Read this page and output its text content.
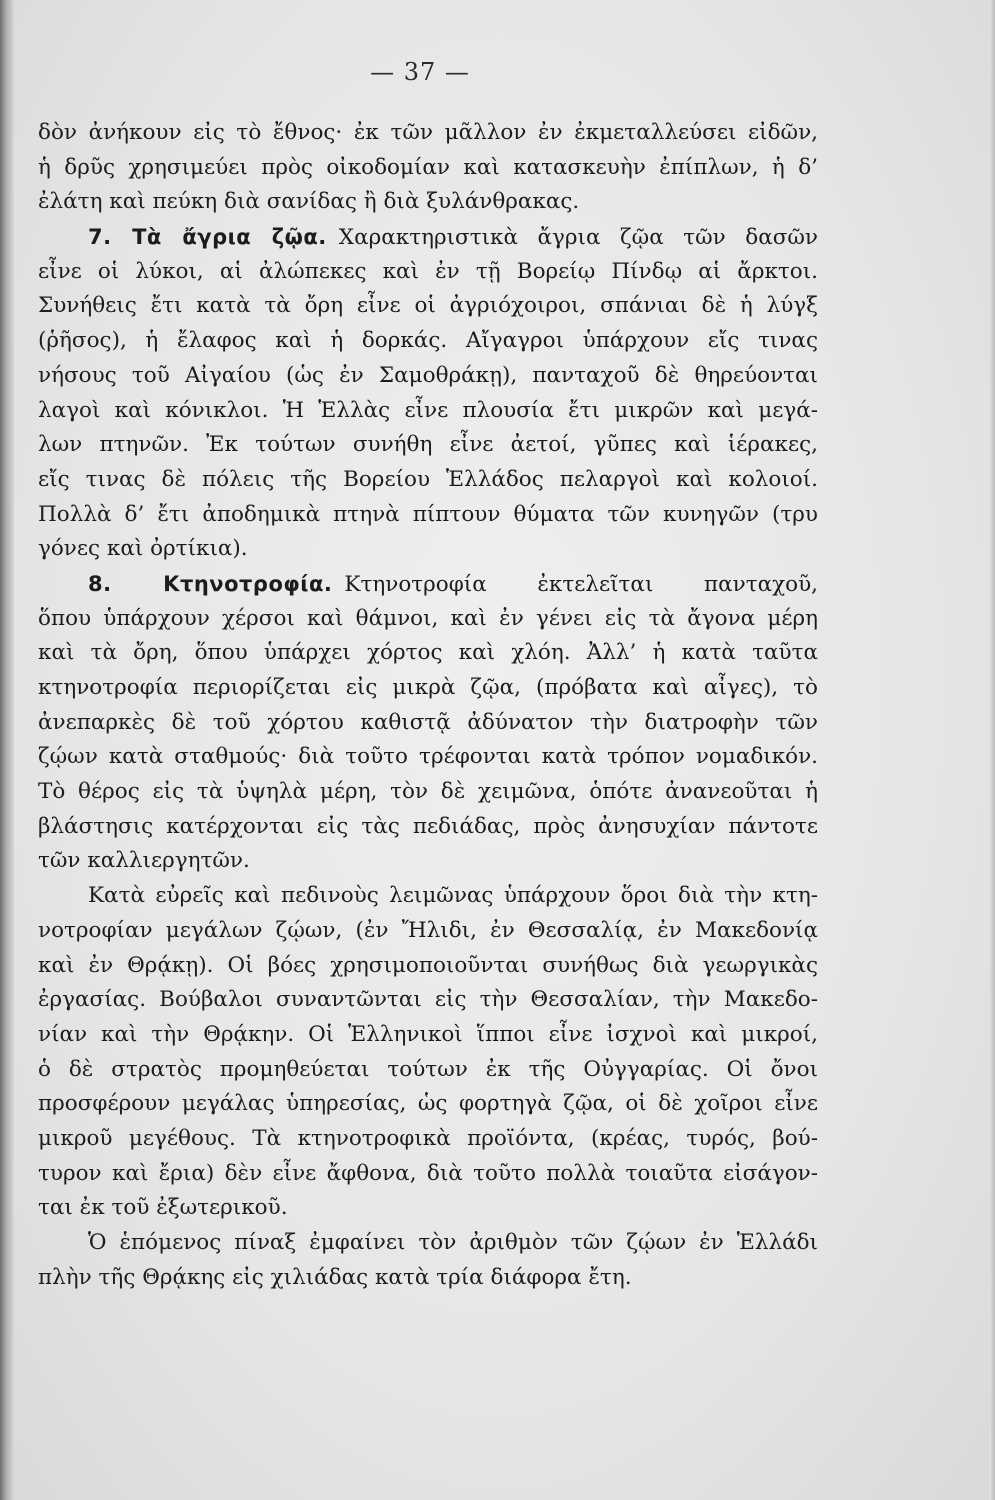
— 37 —
δὸν ἀνήκουν εἰς τὸ ἔθνος· ἐκ τῶν μᾶλλον ἐν ἐκμεταλλεύσει εἰδῶν,
ἡ δρῦς χρησιμεύει πρὸς οἰκοδομίαν καὶ κατασκευὴν ἐπίπλων, ἡ δ’
ἐλάτη καὶ πεύκη διὰ σανίδας ἢ διὰ ξυλάνθρακας.
7. Τὰ ἄγρια ζῷα. Χαρακτηριστικὰ ἄγρια ζῷα τῶν δασῶν
εἶνε οἱ λύκοι, αἱ ἀλώπεκες καὶ ἐν τῇ Βορείῳ Πίνδῳ αἱ ἄρκτοι.
Συνήθεις ἔτι κατὰ τὰ ὄρη εἶνε οἱ ἀγριόχοιροι, σπάνιαι δὲ ἡ λύγξ
(ῥῆσος), ἡ ἔλαφος καὶ ἡ δορκάς. Αἴγαγροι ὑπάρχουν εἴς τινας
νήσους τοῦ Αἰγαίου (ὡς ἐν Σαμοθράκῃ), πανταχοῦ δὲ θηρεύονται
λαγοὶ καὶ κόνικλοι. Ἡ Ἑλλὰς εἶνε πλουσία ἔτι μικρῶν καὶ μεγά-
λων πτηνῶν. Ἐκ τούτων συνήθη εἶνε ἀετοί, γῦπες καὶ ἱέρακες,
εἴς τινας δὲ πόλεις τῆς Βορείου Ἑλλάδος πελαργοὶ καὶ κολοιοί.
Πολλὰ δ’ ἔτι ἀποδημικὰ πτηνὰ πίπτουν θύματα τῶν κυνηγῶν (τρυ
γόνες καὶ ὀρτίκια).
8. Κτηνοτροφία. Κτηνοτροφία ἐκτελεῖται πανταχοῦ,
ὅπου ὑπάρχουν χέρσοι καὶ θάμνοι, καὶ ἐν γένει εἰς τὰ ἄγονα μέρη
καὶ τὰ ὄρη, ὅπου ὑπάρχει χόρτος καὶ χλόη. Ἀλλ’ ἡ κατὰ ταῦτα
κτηνοτροφία περιορίζεται εἰς μικρὰ ζῷα, (πρόβατα καὶ αἶγες), τὸ
ἀνεπαρκὲς δὲ τοῦ χόρτου καθιστᾷ ἀδύνατον τὴν διατροφὴν τῶν
ζῴων κατὰ σταθμούς· διὰ τοῦτο τρέφονται κατὰ τρόπον νομαδικόν.
Τὸ θέρος εἰς τὰ ὑψηλὰ μέρη, τὸν δὲ χειμῶνα, ὁπότε ἀνανεοῦται ἡ
βλάστησις κατέρχονται εἰς τὰς πεδιάδας, πρὸς ἀνησυχίαν πάντοτε
τῶν καλλιεργητῶν.
Κατὰ εὐρεῖς καὶ πεδινοὺς λειμῶνας ὑπάρχουν ὅροι διὰ τὴν κτη-
νοτροφίαν μεγάλων ζῴων, (ἐν Ἤλιδι, ἐν Θεσσαλίᾳ, ἐν Μακεδονίᾳ
καὶ ἐν Θρᾴκῃ). Οἱ βόες χρησιμοποιοῦνται συνήθως διὰ γεωργικὰς
ἐργασίας. Βούβαλοι συναντῶνται εἰς τὴν Θεσσαλίαν, τὴν Μακεδο-
νίαν καὶ τὴν Θρᾴκην. Οἱ Ἑλληνικοὶ ἵπποι εἶνε ἰσχνοὶ καὶ μικροί,
ὁ δὲ στρατὸς προμηθεύεται τούτων ἐκ τῆς Οὐγγαρίας. Οἱ ὄνοι
προσφέρουν μεγάλας ὑπηρεσίας, ὡς φορτηγὰ ζῷα, οἱ δὲ χοῖροι εἶνε
μικροῦ μεγέθους. Τὰ κτηνοτροφικὰ προϊόντα, (κρέας, τυρός, βού-
τυρον καὶ ἔρια) δὲν εἶνε ἄφθονα, διὰ τοῦτο πολλὰ τοιαῦτα εἰσάγον-
ται ἐκ τοῦ ἐξωτερικοῦ.
Ὁ ἑπόμενος πίναξ ἐμφαίνει τὸν ἀριθμὸν τῶν ζῴων ἐν Ἑλλάδι
πλὴν τῆς Θρᾴκης εἰς χιλιάδας κατὰ τρία διάφορα ἔτη.
